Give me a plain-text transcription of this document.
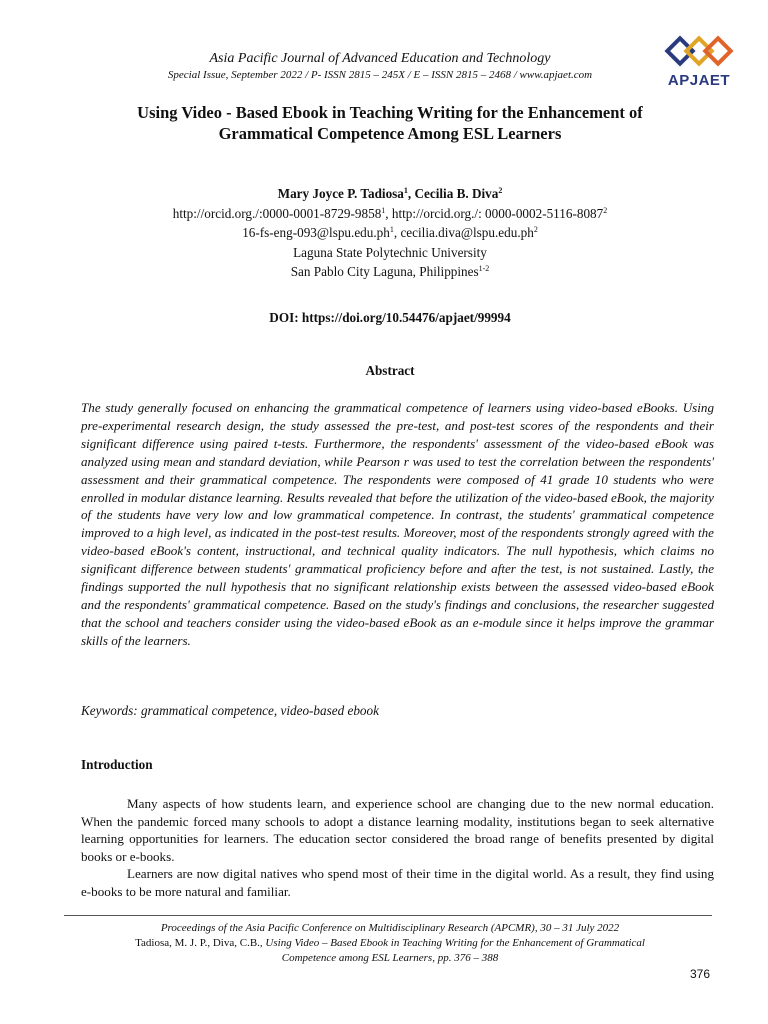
Asia Pacific Journal of Advanced Education and Technology
Special Issue, September 2022 / P- ISSN 2815 – 245X / E – ISSN 2815 – 2468 / www.apjaet.com	APJAET
Using Video - Based Ebook in Teaching Writing for the Enhancement of
Grammatical Competence Among ESL Learners
Mary Joyce P. Tadiosa$^1$, Cecilia B. Diva$^2$
http://orcid.org./:0000-0001-8729-9858$^1$, http://orcid.org./: 0000-0002-5116-8087$^2$
$16-fs-eng-093@lspu.edu.ph^1$, $cecilia.diva@lspu.edu.ph^2$
Laguna State Polytechnic University
San Pablo City Laguna, Philippines$^{1-2}$
DOI: https://doi.org/10.54476/apjaet/99994
Abstract

The study generally focused on enhancing the grammatical competence of learners using video-based eBooks. Using pre-experimental research design, the study assessed the pre-test, and post-test scores of the respondents and their significant difference using paired t-tests. Furthermore, the respondents' assessment of the video-based eBook was analyzed using mean and standard deviation, while Pearson r was used to test the correlation between the respondents' assessment and their grammatical competence. The respondents were composed of 41 grade 10 students who were enrolled in modular distance learning. Results revealed that before the utilization of the video-based eBook, the majority of the students have very low and low grammatical competence. In contrast, the students' grammatical competence improved to a high level, as indicated in the post-test results. Moreover, most of the respondents strongly agreed with the video-based eBook's content, instructional, and technical quality indicators. The null hypothesis, which claims no significant difference between students' grammatical proficiency before and after the test, is not sustained. Lastly, the findings supported the null hypothesis that no significant relationship exists between the assessed video-based eBook and the respondents' grammatical competence. Based on the study's findings and conclusions, the researcher suggested that the school and teachers consider using the video-based eBook as an e-module since it helps improve the grammar skills of the learners.

Keywords: grammatical competence, video-based ebook
Introduction

Many aspects of how students learn, and experience school are changing due to the new normal education. When the pandemic forced many schools to adopt a distance learning modality, institutions began to seek alternative learning opportunities for learners. The education sector considered the broad range of benefits presented by digital books or e-books.

Learners are now digital natives who spend most of their time in the digital world. As a result, they find using e-books to be more natural and familiar.

Proceedings of the Asia Pacific Conference on Multidisciplinary Research (APCMR), 30 – 31 July 2022
Tadiosa, M. J. P., Diva, C.B., Using Video – Based Ebook in Teaching Writing for the Enhancement of Grammatical
Competence among ESL Learners, pp. 376 – 388
376
